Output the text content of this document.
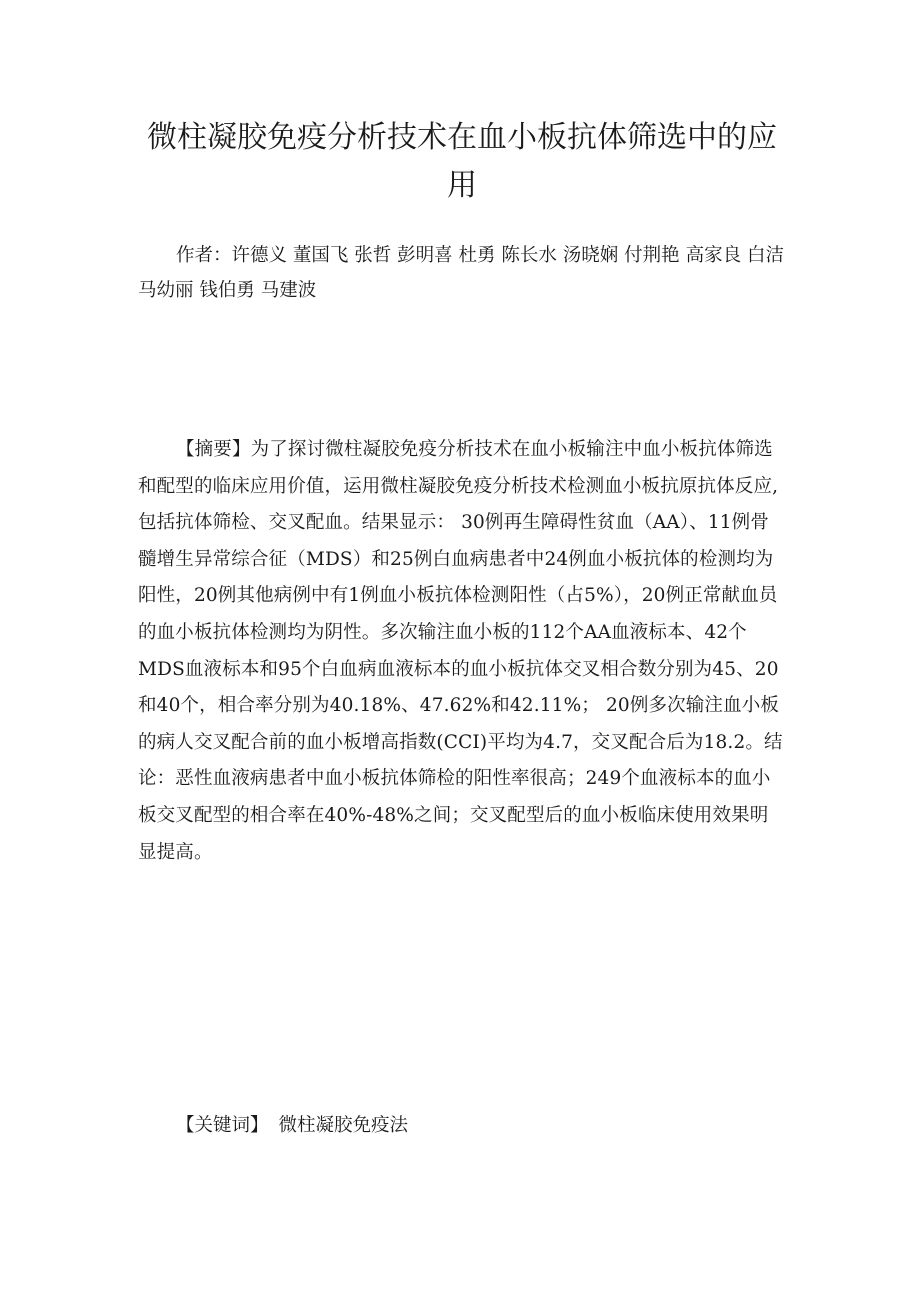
微柱凝胶免疫分析技术在血小板抗体筛选中的应用

作者：许德义 董国飞 张哲 彭明喜 杜勇 陈长水 汤晓娴 付荆艳 高家良 白洁 马幼丽 钱伯勇 马建波

【摘要】为了探讨微柱凝胶免疫分析技术在血小板输注中血小板抗体筛选和配型的临床应用价值，运用微柱凝胶免疫分析技术检测血小板抗原抗体反应,包括抗体筛检、交叉配血。结果显示： 30例再生障碍性贫血（AA）、11例骨髓增生异常综合征（MDS）和25例白血病患者中24例血小板抗体的检测均为阳性，20例其他病例中有1例血小板抗体检测阳性（占5%），20例正常献血员的血小板抗体检测均为阴性。多次输注血小板的112个AA血液标本、42个MDS血液标本和95个白血病血液标本的血小板抗体交叉相合数分别为45、20和40个，相合率分别为40.18%、47.62%和42.11%； 20例多次输注血小板的病人交叉配合前的血小板增高指数(CCI)平均为4.7，交叉配合后为18.2。结论：恶性血液病患者中血小板抗体筛检的阳性率很高；249个血液标本的血小板交叉配型的相合率在40%-48%之间；交叉配型后的血小板临床使用效果明显提高。

【关键词】 微柱凝胶免疫法
